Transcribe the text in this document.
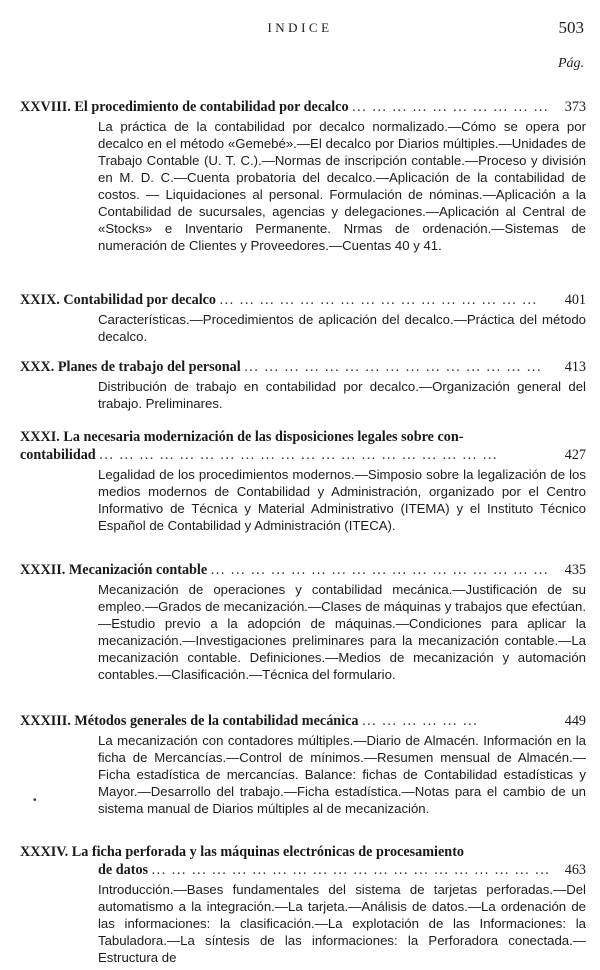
INDICE	503
Pág.
XXVIII. El procedimiento de contabilidad por decalco ... ... ... ... ... ... ... ... ... ... 373
La práctica de la contabilidad por decalco normalizado.—Cómo se opera por decalco en el método «Gemebé».—El decalco por Diarios múltiples.—Unidades de Trabajo Contable (U. T. C.).—Normas de inscripción contable.—Proceso y división en M. D. C.—Cuenta probatoria del decalco.—Aplicación de la contabilidad de costos. — Liquidaciones al personal. Formulación de nóminas.—Aplicación a la Contabilidad de sucursales, agencias y delegaciones.—Aplicación al Central de «Stocks» e Inventario Permanente. Nrmas de ordenación.—Sistemas de numeración de Clientes y Proveedores.—Cuentas 40 y 41.
XXIX. Contabilidad por decalco ... ... ... ... ... ... ... ... ... ... ... ... ... ... ... ... 401
Características.—Procedimientos de aplicación del decalco.—Práctica del método decalco.
XXX. Planes de trabajo del personal ... ... ... ... ... ... ... ... ... ... ... ... ... ... ... 413
Distribución de trabajo en contabilidad por decalco.—Organización general del trabajo. Preliminares.
XXXI. La necesaria modernización de las disposiciones legales sobre con-
contabilidad ... ... ... ... ... ... ... ... ... ... ... ... ... ... ... ... ... ... ... ...	427
Legalidad de los procedimientos modernos.—Simposio sobre la legalización de los medios modernos de Contabilidad y Administración, organizado por el Centro Informativo de Técnica y Material Administrativo (ITEMA) y el Instituto Técnico Español de Contabilidad y Administración (ITECA).
XXXII. Mecanización contable ... ... ... ... ... ... ... ... ... ... ... ... ... ... ... ... ... 435
Mecanización de operaciones y contabilidad mecánica.—Justificación de su empleo.—Grados de mecanización.—Clases de máquinas y trabajos que efectúan.—Estudio previo a la adopción de máquinas.—Condiciones para aplicar la mecanización.—Investigaciones preliminares para la mecanización contable.—La mecanización contable. Definiciones.—Medios de mecanización y automación contables.—Clasificación.—Técnica del formulario.
XXXIII. Métodos generales de la contabilidad mecánica ... ... ... ... ... ...	449
La mecanización con contadores múltiples.—Diario de Almacén. Información en la ficha de Mercancías.—Control de mínimos.—Resumen mensual de Almacén.—Ficha estadística de mercancías. Balance: fichas de Contabilidad estadísticas y Mayor.—Desarrollo del trabajo.—Ficha estadística.—Notas para el cambio de un sistema manual de Diarios múltiples al de mecanización.
•
XXXIV. La ficha perforada y las máquinas electrónicas de procesamiento
de datos ... ... ... ... ... ... ... ... ... ... ... ... ... ... ... ... ... ... ... ... 463
Introducción.—Bases fundamentales del sistema de tarjetas perforadas.—Del automatismo a la integración.—La tarjeta.—Análisis de datos.—La ordenación de las informaciones: la clasificación.—La explotación de las Informaciones: la Tabuladora.—La síntesis de las informaciones: la Perforadora conectada.—Estructura de
